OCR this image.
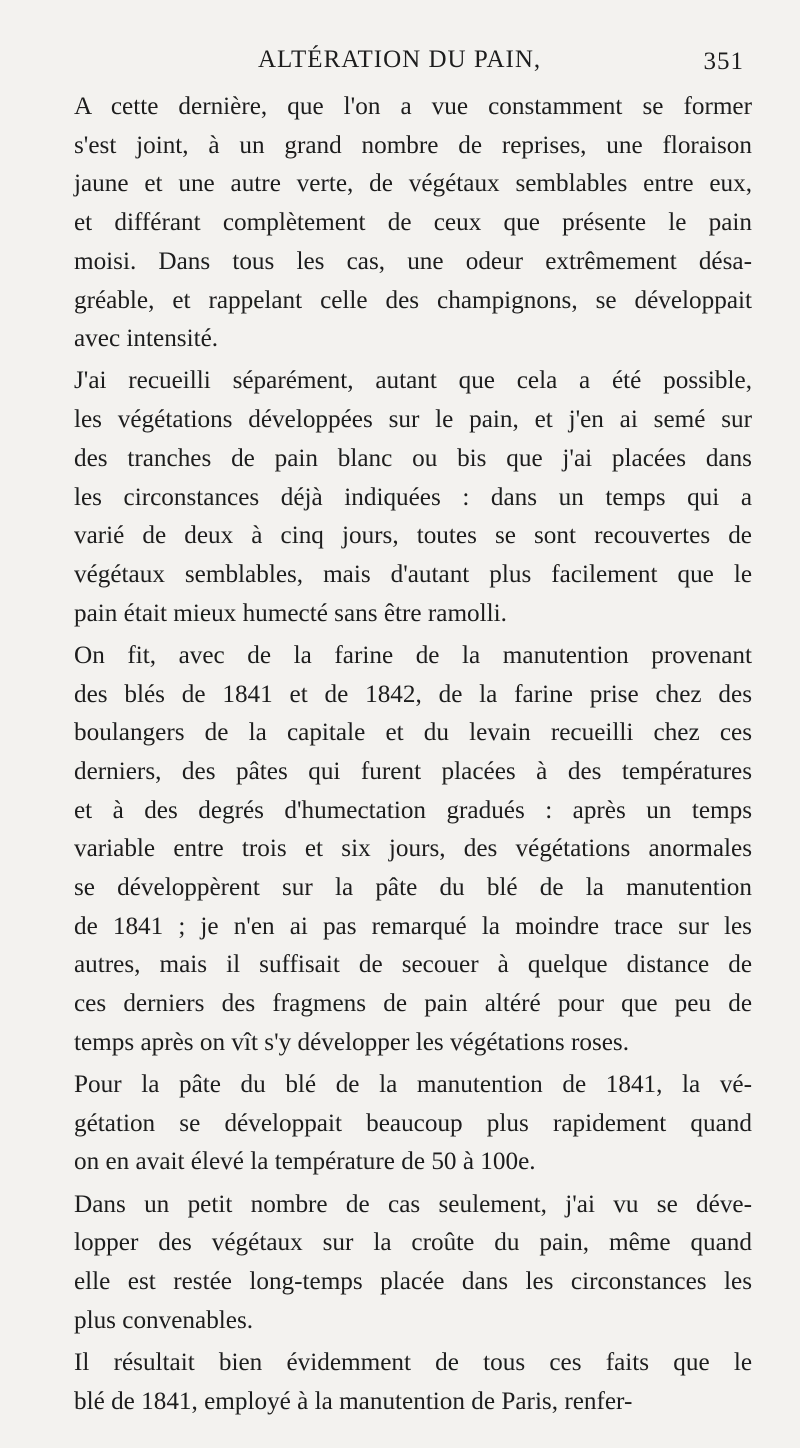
ALTÉRATION DU PAIN,	351

A cette dernière, que l'on a vue constamment se former
s'est joint, à un grand nombre de reprises, une floraison
jaune et une autre verte, de végétaux semblables entre eux,
et différant complètement de ceux que présente le pain
moisi. Dans tous les cas, une odeur extrêmement désa-
gréable, et rappelant celle des champignons, se développait
avec intensité.

J'ai recueilli séparément, autant que cela a été possible,
les végétations développées sur le pain, et j'en ai semé sur
des tranches de pain blanc ou bis que j'ai placées dans
les circonstances déjà indiquées : dans un temps qui a
varié de deux à cinq jours, toutes se sont recouvertes de
végétaux semblables, mais d'autant plus facilement que le
pain était mieux humecté sans être ramolli.

On fit, avec de la farine de la manutention provenant
des blés de 1841 et de 1842, de la farine prise chez des
boulangers de la capitale et du levain recueilli chez ces
derniers, des pâtes qui furent placées à des températures
et à des degrés d'humectation gradués : après un temps
variable entre trois et six jours, des végétations anormales
se développèrent sur la pâte du blé de la manutention
de 1841 ; je n'en ai pas remarqué la moindre trace sur les
autres, mais il suffisait de secouer à quelque distance de
ces derniers des fragmens de pain altéré pour que peu de
temps après on vît s'y développer les végétations roses.

Pour la pâte du blé de la manutention de 1841, la vé-
gétation se développait beaucoup plus rapidement quand
on en avait élevé la température de 50 à 100e.

Dans un petit nombre de cas seulement, j'ai vu se déve-
lopper des végétaux sur la croûte du pain, même quand
elle est restée long-temps placée dans les circonstances les
plus convenables.

Il résultait bien évidemment de tous ces faits que le
blé de 1841, employé à la manutention de Paris, renfer-
